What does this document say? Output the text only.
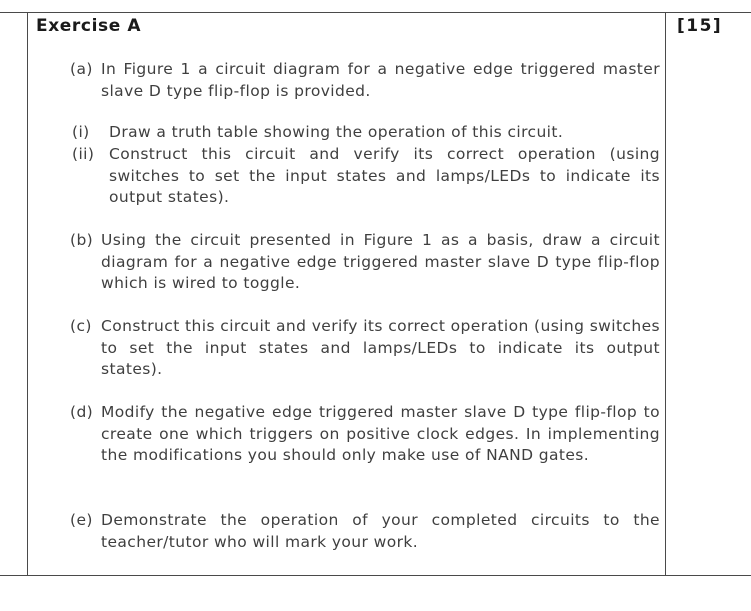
Exercise A	[15]
(a) In Figure 1 a circuit diagram for a negative edge triggered master slave D type flip-flop is provided.
(i) Draw a truth table showing the operation of this circuit.
(ii) Construct this circuit and verify its correct operation (using switches to set the input states and lamps/LEDs to indicate its output states).
(b) Using the circuit presented in Figure 1 as a basis, draw a circuit diagram for a negative edge triggered master slave D type flip-flop which is wired to toggle.
(c) Construct this circuit and verify its correct operation (using switches to set the input states and lamps/LEDs to indicate its output states).
(d) Modify the negative edge triggered master slave D type flip-flop to create one which triggers on positive clock edges. In implementing the modifications you should only make use of NAND gates.
(e) Demonstrate the operation of your completed circuits to the teacher/tutor who will mark your work.
